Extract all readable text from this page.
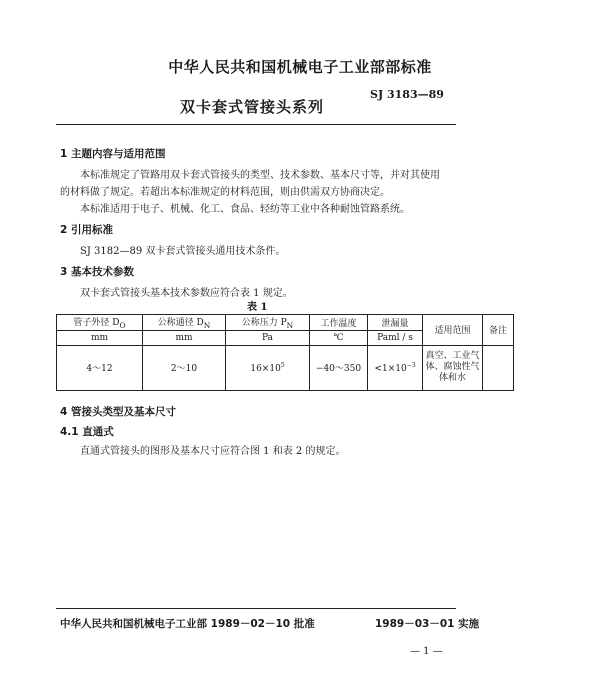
中华人民共和国机械电子工业部部标准
双卡套式管接头系列
SJ 3183—89
1 主题内容与适用范围
本标准规定了管路用双卡套式管接头的类型、技术参数、基本尺寸等，并对其使用
的材料做了规定。若超出本标准规定的材料范围，则由供需双方协商决定。
本标准适用于电子、机械、化工、食品、轻纺等工业中各种耐蚀管路系统。
2 引用标准
SJ 3182—89 双卡套式管接头通用技术条件。
3 基本技术参数
双卡套式管接头基本技术参数应符合表 1 规定。
表 1
管子外径 $D_O$	公称通径 $D_N$	公称压力 $P_N$	工作温度	泄漏量	适用范围	备注
mm	mm	Pa	℃	Paml / s		
4～12	2～10	$16\times 10^5$	−40～350	$<1\times 10^{-3}$	真空、工业气
体、腐蚀性气
体和水	

4 管接头类型及基本尺寸
4.1 直通式
直通式管接头的图形及基本尺寸应符合图 1 和表 2 的规定。
中华人民共和国机械电子工业部 1989－02－10 批准	1989－03－01 实施
— 1 —
